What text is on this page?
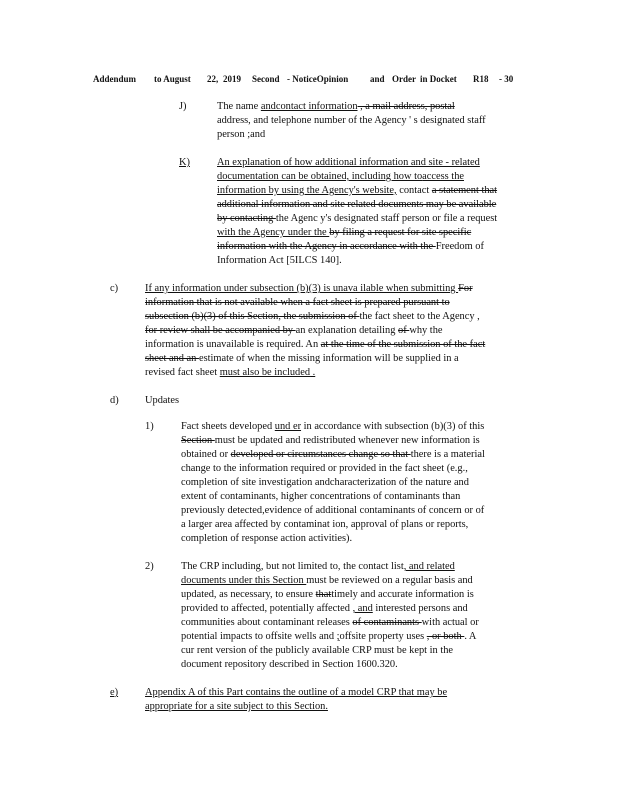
Addendum to August 22, 2019 Second - NoticeOpinion and Order in Docket R18 - 30
J)	The name andcontact information , a mail address, postal
address, and telephone number of the Agency ' s designated staff
person ;and
K)	An explanation of how additional information and site - related
documentation can be obtained, including how toaccess the
information by using the Agency's website, contact a statement that
additional information and site related documents may be available
by contacting the Agenc y's designated staff person or file a request
with the Agency under the by filing a request for site specific
information with the Agency in accordance with the Freedom of
Information Act [5ILCS 140].
c)	If any information under subsection (b)(3) is unava ilable when submitting For
information that is not available when a fact sheet is prepared pursuant to
subsection (b)(3) of this Section, the submission of the fact sheet to the Agency ,
for review shall be accompanied by an explanation detailing of why the
information is unavailable is required. An at the time of the submission of the fact
sheet and an estimate of when the missing information will be supplied in a
revised fact sheet must also be included .
d)	Updates
1)	Fact sheets developed und er in accordance with subsection (b)(3) of this
Section must be updated and redistributed whenever new information is
obtained or developed or circumstances change so that there is a material
change to the information required or provided in the fact sheet (e.g.,
completion of site investigation andcharacterization of the nature and
extent of contaminants, higher concentrations of contaminants than
previously detected,evidence of additional contaminants of concern or of
a larger area affected by contaminat ion, approval of plans or reports,
completion of response action activities).
2)	The CRP including, but not limited to, the contact list, and related
documents under this Section must be reviewed on a regular basis and
updated, as necessary, to ensure thattimely and accurate information is
provided to affected, potentially affected , and interested persons and
communities about contaminant releases of contaminants with actual or
potential impacts to offsite wells and ;offsite property uses , or both . A
cur rent version of the publicly available CRP must be kept in the
document repository described in Section 1600.320.
e)	Appendix A of this Part contains the outline of a model CRP that may be
appropriate for a site subject to this Section.
